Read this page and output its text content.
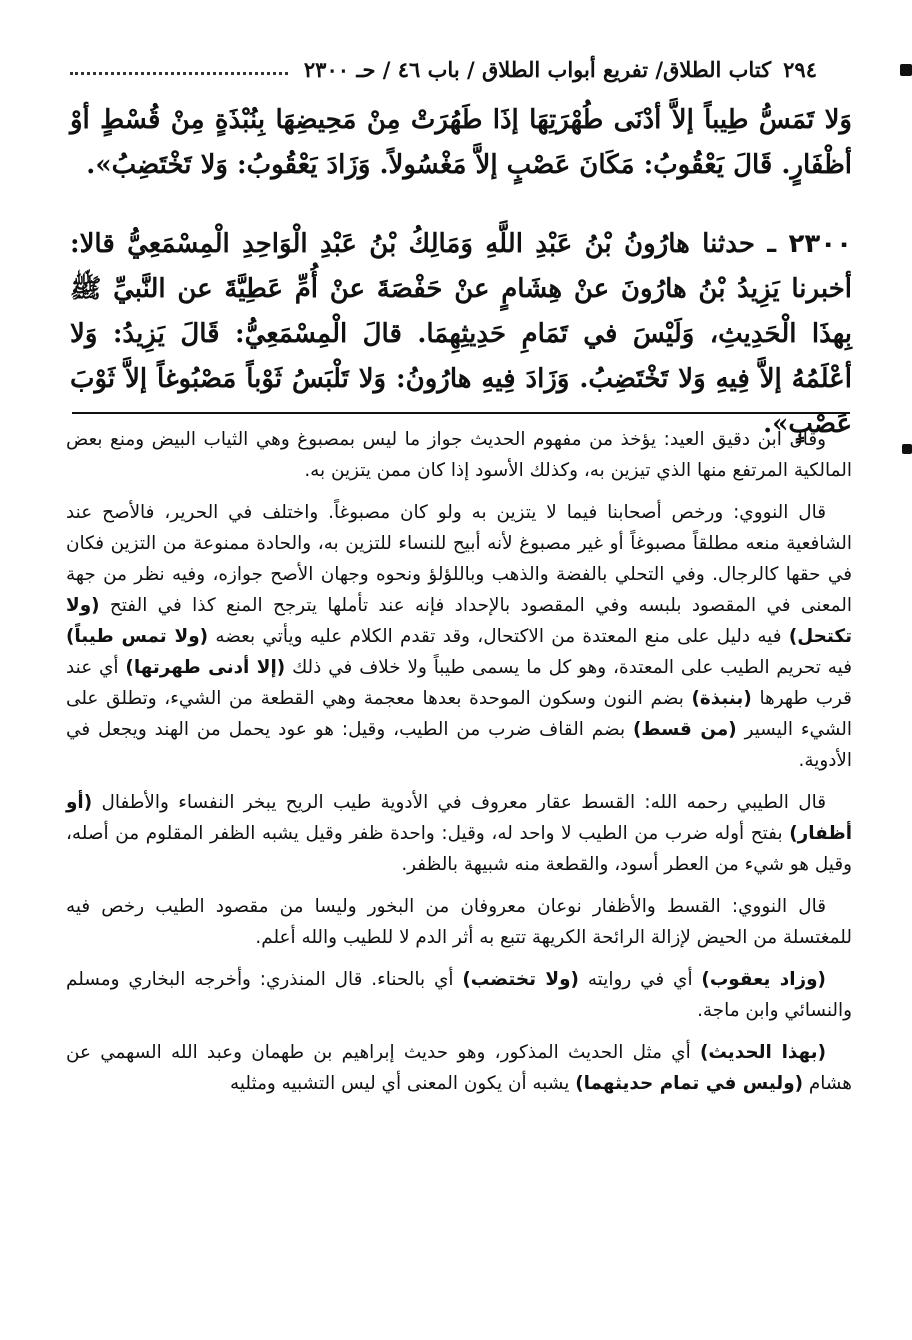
٢٩٤
كتاب الطلاق/ تفريع أبواب الطلاق / باب ٤٦ / حـ ٢٣٠٠

وَلا تَمَسُّ طِيباً إلاَّ أدْنَى طُهْرَتِهَا إذَا طَهُرَتْ مِنْ مَحِيضِهَا بِنُبْذَةٍ مِنْ قُسْطٍ أوْ أظْفَارٍ. قَالَ يَعْقُوبُ: مَكَانَ عَصْبٍ إلاَّ مَغْسُولاً. وَزَادَ يَعْقُوبُ: وَلا تَخْتَضِبُ».

٢٣٠٠ ـ حدثنا هارُونُ بْنُ عَبْدِ اللَّهِ وَمَالِكُ بْنُ عَبْدِ الْوَاحِدِ الْمِسْمَعِيُّ قالا: أخبرنا يَزِيدُ بْنُ هارُونَ عنْ هِشَامٍ عنْ حَفْصَةَ عنْ أُمِّ عَطِيَّةَ عن النَّبيِّ ﷺ بِهذَا الْحَدِيثِ، وَلَيْسَ في تَمَامِ حَدِيثِهِمَا. قالَ الْمِسْمَعِيُّ: قَالَ يَزِيدُ: وَلا أعْلَمُهُ إلاَّ فِيهِ وَلا تَخْتَضِبُ. وَزَادَ فِيهِ هارُونُ: وَلا تَلْبَسُ ثَوْباً مَصْبُوغاً إلاَّ ثَوْبَ عَصْبٍ».

وقال ابن دقيق العيد: يؤخذ من مفهوم الحديث جواز ما ليس بمصبوغ وهي الثياب البيض ومنع بعض المالكية المرتفع منها الذي تيزين به، وكذلك الأسود إذا كان ممن يتزين به.

قال النووي: ورخص أصحابنا فيما لا يتزين به ولو كان مصبوغاً. واختلف في الحرير، فالأصح عند الشافعية منعه مطلقاً مصبوغاً أو غير مصبوغ لأنه أبيح للنساء للتزين به، والحادة ممنوعة من التزين فكان في حقها كالرجال. وفي التحلي بالفضة والذهب وباللؤلؤ ونحوه وجهان الأصح جوازه، وفيه نظر من جهة المعنى في المقصود بلبسه وفي المقصود بالإحداد فإنه عند تأملها يترجح المنع كذا في الفتح (ولا تكتحل) فيه دليل على منع المعتدة من الاكتحال، وقد تقدم الكلام عليه ويأتي بعضه (ولا تمس طيباً) فيه تحريم الطيب على المعتدة، وهو كل ما يسمى طيباً ولا خلاف في ذلك (إلا أدنى طهرتها) أي عند قرب طهرها (بنبذة) بضم النون وسكون الموحدة بعدها معجمة وهي القطعة من الشيء، وتطلق على الشيء اليسير (من قسط) بضم القاف ضرب من الطيب، وقيل: هو عود يحمل من الهند ويجعل في الأدوية.

قال الطيبي رحمه الله: القسط عقار معروف في الأدوية طيب الريح يبخر النفساء والأطفال (أو أظفار) بفتح أوله ضرب من الطيب لا واحد له، وقيل: واحدة ظفر وقيل يشبه الظفر المقلوم من أصله، وقيل هو شيء من العطر أسود، والقطعة منه شبيهة بالظفر.

قال النووي: القسط والأظفار نوعان معروفان من البخور وليسا من مقصود الطيب رخص فيه للمغتسلة من الحيض لإزالة الرائحة الكريهة تتبع به أثر الدم لا للطيب والله أعلم.

(وزاد يعقوب) أي في روايته (ولا تختضب) أي بالحناء. قال المنذري: وأخرجه البخاري ومسلم والنسائي وابن ماجة.

(بهذا الحديث) أي مثل الحديث المذكور، وهو حديث إبراهيم بن طهمان وعبد الله السهمي عن هشام (وليس في تمام حديثهما) يشبه أن يكون المعنى أي ليس التشبيه ومثليه
